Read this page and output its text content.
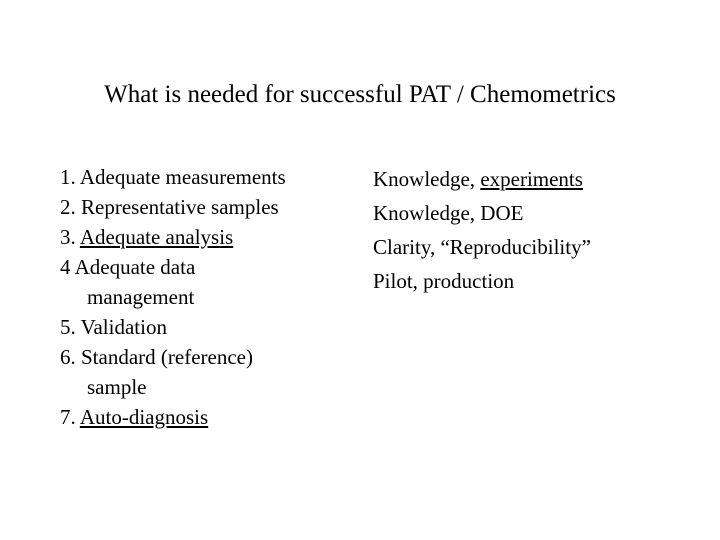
What is needed for successful PAT / Chemometrics
1. Adequate measurements
2. Representative samples
3. Adequate analysis
4 Adequate data
management
5. Validation
6. Standard (reference)
sample
7. Auto-diagnosis
Knowledge, experiments
Knowledge, DOE
Clarity, “Reproducibility”
Pilot, production
